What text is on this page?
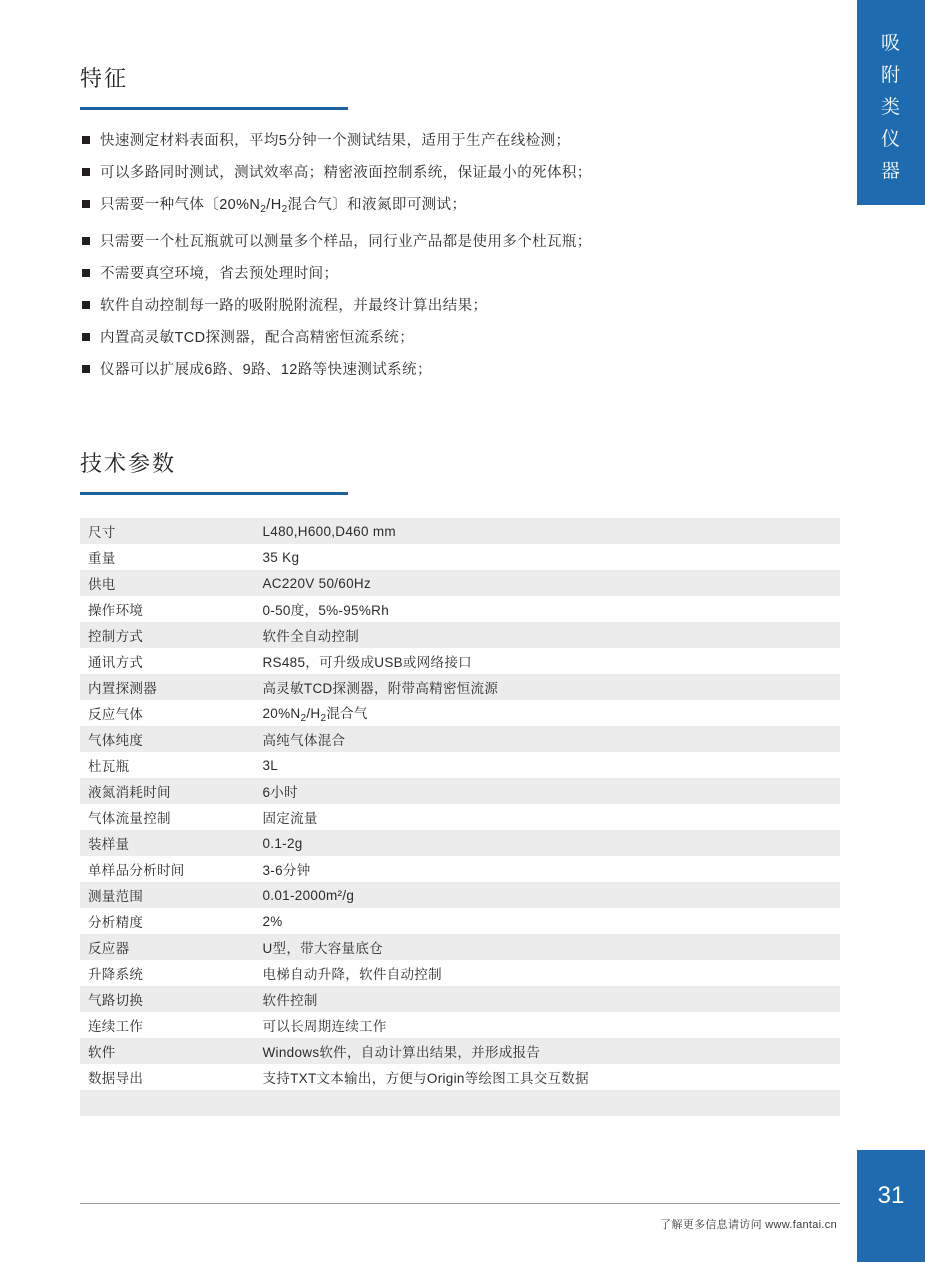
吸
附
类
仪
器
31
特征
快速测定材料表面积，平均5分钟一个测试结果，适用于生产在线检测；
可以多路同时测试，测试效率高；精密液面控制系统，保证最小的死体积；
只需要一种气体〔$20\%N_2/H_2$混合气〕和液氮即可测试；
只需要一个杜瓦瓶就可以测量多个样品，同行业产品都是使用多个杜瓦瓶；
不需要真空环境，省去预处理时间；
软件自动控制每一路的吸附脱附流程，并最终计算出结果；
内置高灵敏TCD探测器，配合高精密恒流系统；
仪器可以扩展成6路、9路、12路等快速测试系统；
技术参数
尺寸	L480,H600,D460 mm
重量	35 Kg
供电	AC220V 50/60Hz
操作环境	0-50度，5%-95%Rh
控制方式	软件全自动控制
通讯方式	RS485，可升级成USB或网络接口
内置探测器	高灵敏TCD探测器，附带高精密恒流源
反应气体	$20\%N_2/H_2$混合气
气体纯度	高纯气体混合
杜瓦瓶	3L
液氮消耗时间	6小时
气体流量控制	固定流量
装样量	0.1-2g
单样品分析时间	3-6分钟
测量范围	0.01-2000m²/g
分析精度	2%
反应器	U型，带大容量底仓
升降系统	电梯自动升降，软件自动控制
气路切换	软件控制
连续工作	可以长周期连续工作
软件	Windows软件，自动计算出结果，并形成报告
数据导出	支持TXT文本输出，方便与Origin等绘图工具交互数据

了解更多信息请访问 www.fantai.cn
